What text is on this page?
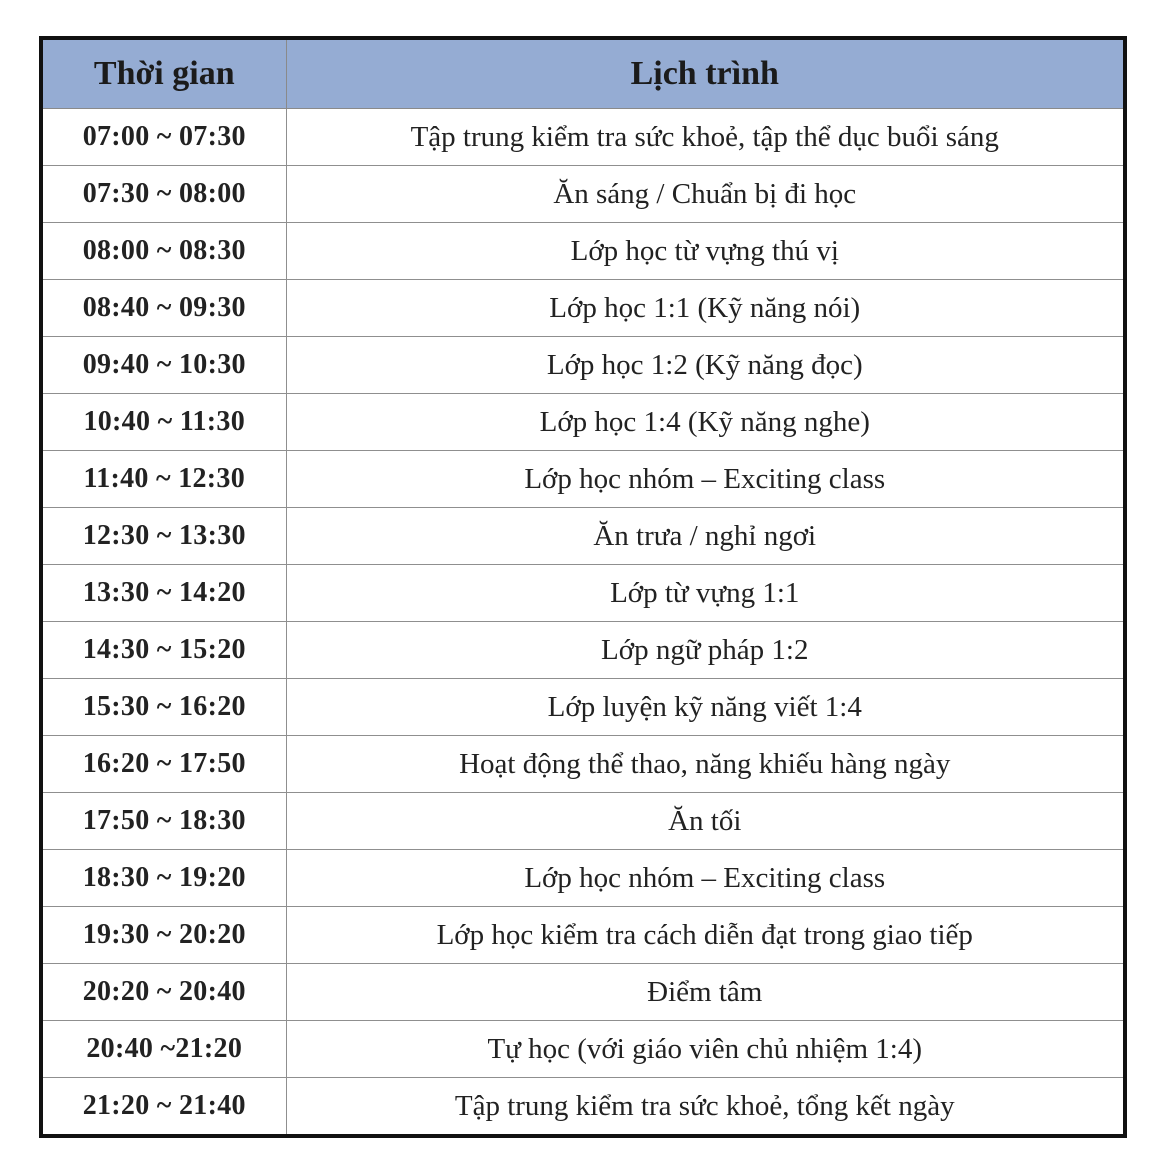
Thời gian	Lịch trình
07:00 ~ 07:30	Tập trung kiểm tra sức khoẻ, tập thể dục buổi sáng
07:30 ~ 08:00	Ăn sáng / Chuẩn bị đi học
08:00 ~ 08:30	Lớp học từ vựng thú vị
08:40 ~ 09:30	Lớp học 1:1 (Kỹ năng nói)
09:40 ~ 10:30	Lớp học 1:2 (Kỹ năng đọc)
10:40 ~ 11:30	Lớp học 1:4 (Kỹ năng nghe)
11:40 ~ 12:30	Lớp học nhóm – Exciting class
12:30 ~ 13:30	Ăn trưa / nghỉ ngơi
13:30 ~ 14:20	Lớp từ vựng 1:1
14:30 ~ 15:20	Lớp ngữ pháp 1:2
15:30 ~ 16:20	Lớp luyện kỹ năng viết 1:4
16:20 ~ 17:50	Hoạt động thể thao, năng khiếu hàng ngày
17:50 ~ 18:30	Ăn tối
18:30 ~ 19:20	Lớp học nhóm – Exciting class
19:30 ~ 20:20	Lớp học kiểm tra cách diễn đạt trong giao tiếp
20:20 ~ 20:40	Điểm tâm
20:40 ~21:20	Tự học (với giáo viên chủ nhiệm 1:4)
21:20 ~ 21:40	Tập trung kiểm tra sức khoẻ, tổng kết ngày
